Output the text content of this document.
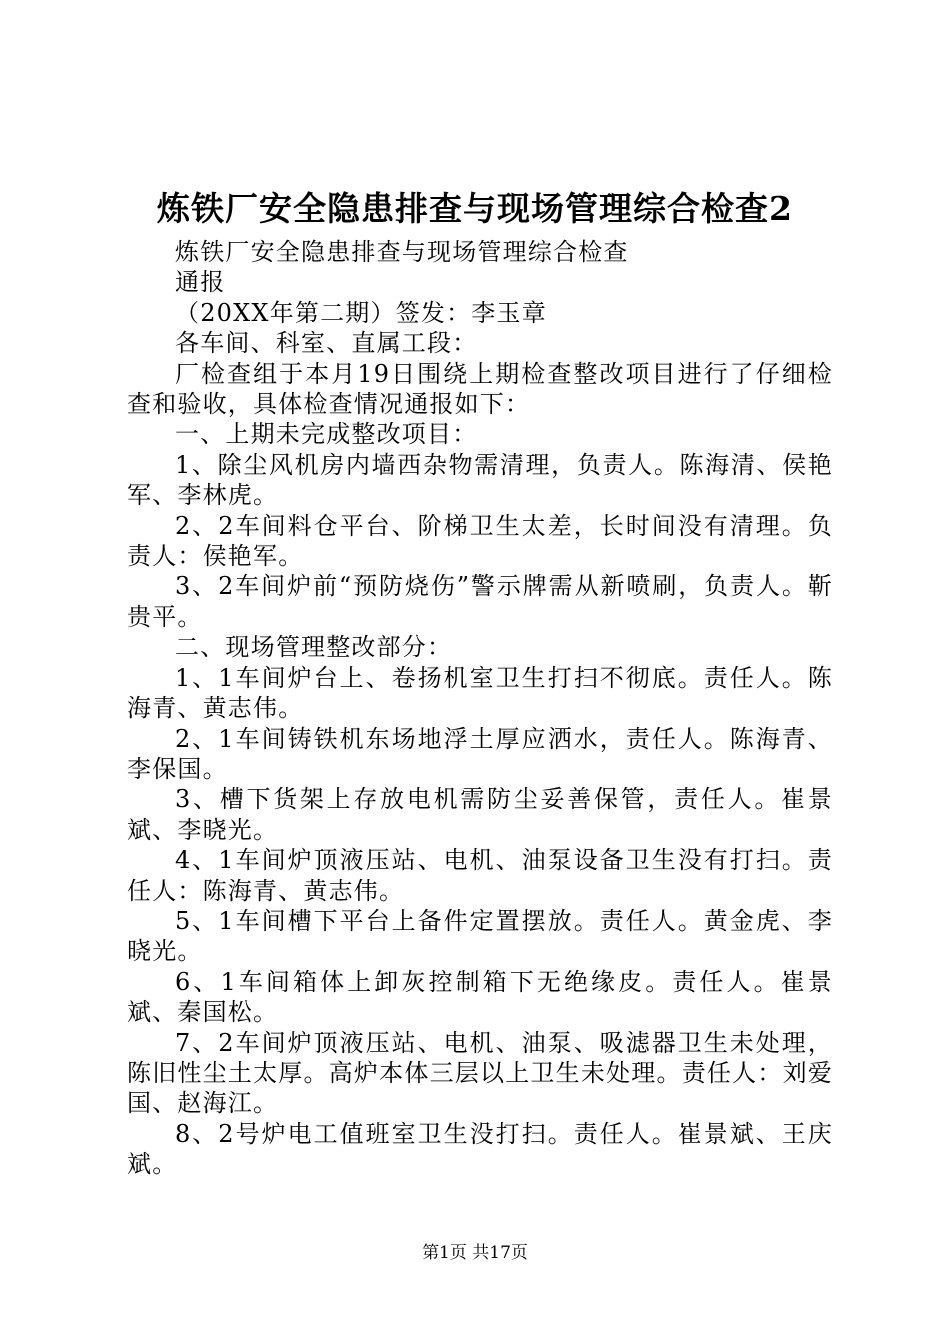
炼铁厂安全隐患排查与现场管理综合检查2

炼铁厂安全隐患排查与现场管理综合检查

通报

（20XX年第二期）签发：李玉章

各车间、科室、直属工段：

厂检查组于本月19日围绕上期检查整改项目进行了仔细检查和验收，具体检查情况通报如下：

一、上期未完成整改项目：

1、除尘风机房内墙西杂物需清理，负责人。陈海清、侯艳军、李林虎。

2、2车间料仓平台、阶梯卫生太差，长时间没有清理。负责人：侯艳军。

3、2车间炉前“预防烧伤”警示牌需从新喷刷，负责人。靳贵平。

二、现场管理整改部分：

1、1车间炉台上、卷扬机室卫生打扫不彻底。责任人。陈海青、黄志伟。

2、1车间铸铁机东场地浮土厚应洒水，责任人。陈海青、李保国。

3、槽下货架上存放电机需防尘妥善保管，责任人。崔景斌、李晓光。

4、1车间炉顶液压站、电机、油泵设备卫生没有打扫。责任人：陈海青、黄志伟。

5、1车间槽下平台上备件定置摆放。责任人。黄金虎、李晓光。

6、1车间箱体上卸灰控制箱下无绝缘皮。责任人。崔景斌、秦国松。

7、2车间炉顶液压站、电机、油泵、吸滤器卫生未处理，陈旧性尘土太厚。高炉本体三层以上卫生未处理。责任人：刘爱国、赵海江。

8、2号炉电工值班室卫生没打扫。责任人。崔景斌、王庆斌。

第1页 共17页
